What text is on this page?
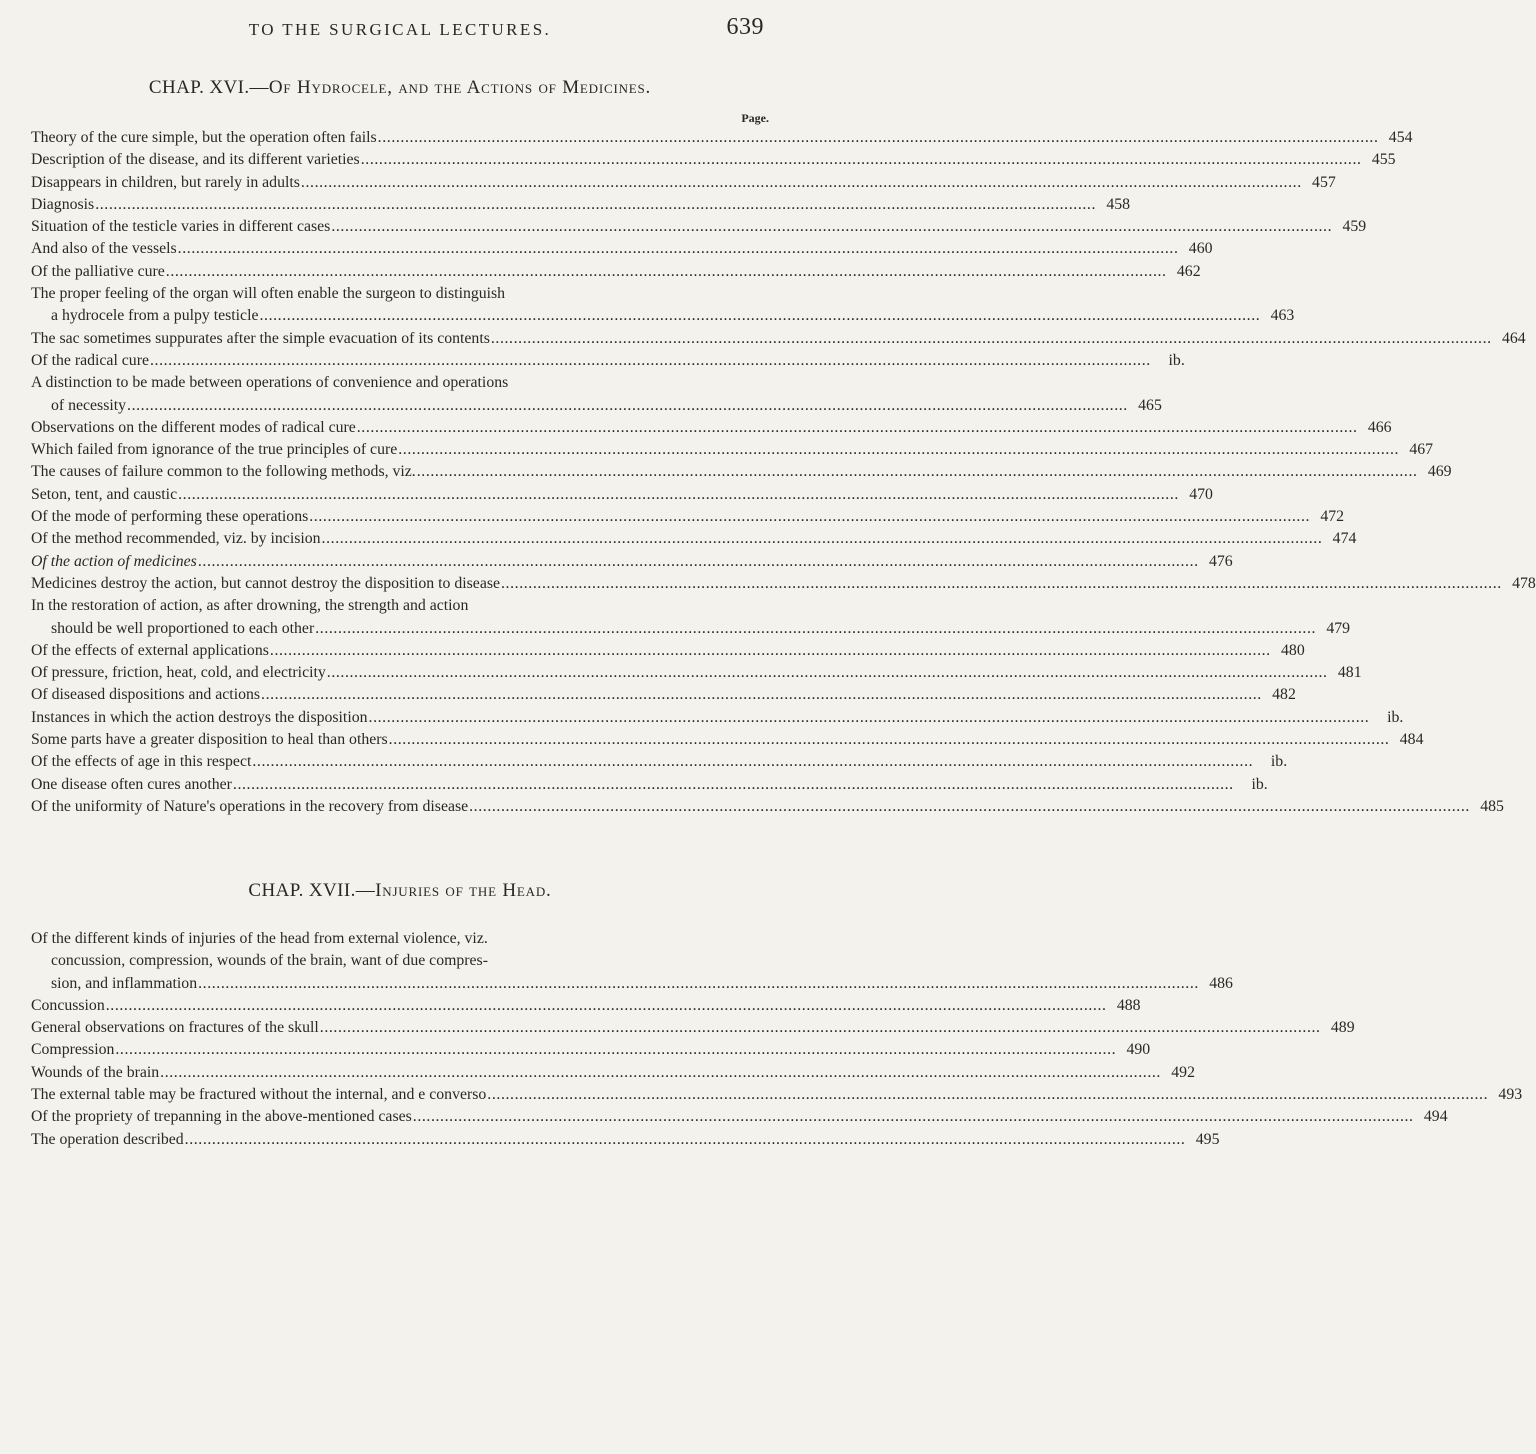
TO THE SURGICAL LECTURES.	639
CHAP. XVI.—Of Hydrocele, and the Actions of Medicines.
Page.
Theory of the cure simple, but the operation often fails ............................................................................................................................................................................................................................ 454
Description of the disease, and its different varieties ............................................................................................................................................................................................................................ 455
Disappears in children, but rarely in adults ............................................................................................................................................................................................................................ 457
Diagnosis ............................................................................................................................................................................................................................ 458
Situation of the testicle varies in different cases ............................................................................................................................................................................................................................ 459
And also of the vessels ............................................................................................................................................................................................................................ 460
Of the palliative cure ............................................................................................................................................................................................................................ 462
The proper feeling of the organ will often enable the surgeon to distinguish
a hydrocele from a pulpy testicle ............................................................................................................................................................................................................................ 463
The sac sometimes suppurates after the simple evacuation of its contents ............................................................................................................................................................................................................................ 464
Of the radical cure ............................................................................................................................................................................................................................	ib.
A distinction to be made between operations of convenience and operations
of necessity ............................................................................................................................................................................................................................ 465
Observations on the different modes of radical cure ............................................................................................................................................................................................................................ 466
Which failed from ignorance of the true principles of cure ............................................................................................................................................................................................................................ 467
The causes of failure common to the following methods, viz. ............................................................................................................................................................................................................................ 469
Seton, tent, and caustic ............................................................................................................................................................................................................................ 470
Of the mode of performing these operations ............................................................................................................................................................................................................................ 472
Of the method recommended, viz. by incision ............................................................................................................................................................................................................................ 474
Of the action of medicines ............................................................................................................................................................................................................................ 476
Medicines destroy the action, but cannot destroy the disposition to disease ............................................................................................................................................................................................................................ 478
In the restoration of action, as after drowning, the strength and action
should be well proportioned to each other ............................................................................................................................................................................................................................ 479
Of the effects of external applications ............................................................................................................................................................................................................................ 480
Of pressure, friction, heat, cold, and electricity ............................................................................................................................................................................................................................ 481
Of diseased dispositions and actions ............................................................................................................................................................................................................................ 482
Instances in which the action destroys the disposition ............................................................................................................................................................................................................................	ib.
Some parts have a greater disposition to heal than others ............................................................................................................................................................................................................................ 484
Of the effects of age in this respect ............................................................................................................................................................................................................................	ib.
One disease often cures another ............................................................................................................................................................................................................................	ib.
Of the uniformity of Nature's operations in the recovery from disease ............................................................................................................................................................................................................................ 485
CHAP. XVII.—Injuries of the Head.
Of the different kinds of injuries of the head from external violence, viz.
concussion, compression, wounds of the brain, want of due compres-
sion, and inflammation ............................................................................................................................................................................................................................ 486
Concussion ............................................................................................................................................................................................................................ 488
General observations on fractures of the skull ............................................................................................................................................................................................................................ 489
Compression ............................................................................................................................................................................................................................ 490
Wounds of the brain ............................................................................................................................................................................................................................ 492
The external table may be fractured without the internal, and e converso ............................................................................................................................................................................................................................ 493
Of the propriety of trepanning in the above-mentioned cases ............................................................................................................................................................................................................................ 494
The operation described ............................................................................................................................................................................................................................ 495
